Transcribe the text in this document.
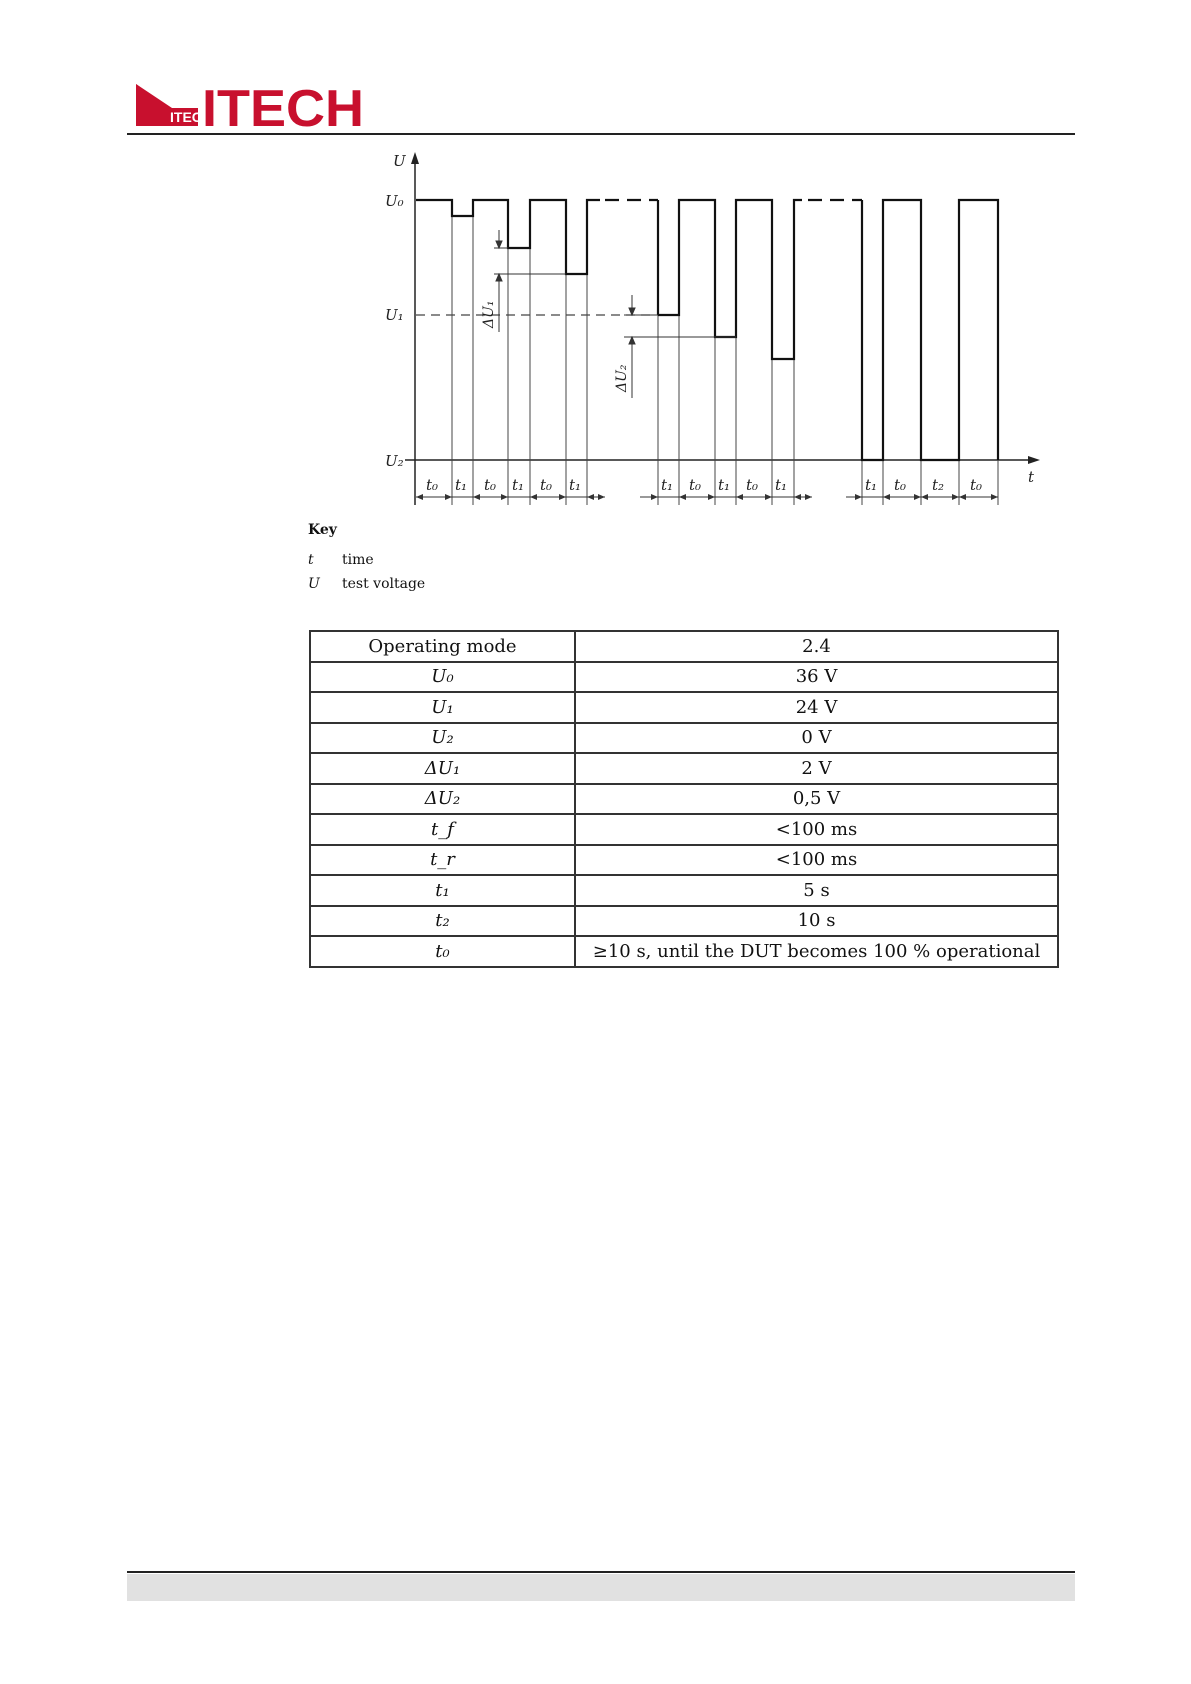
ITECH
ITECH
U
t
U₀
U₁
U₂
ΔU₁
ΔU₂
t₀ t₁ t₀ t₁ t₀ t₁	t₁ t₀ t₁ t₀ t₁	t₁ t₀ t₂ t₀
Key
t time
U test voltage
Operating mode	2.4
U₀	36 V
U₁	24 V
U₂	0 V
ΔU₁	2 V
ΔU₂	0,5 V
t_f	<100 ms
t_r	<100 ms
t₁	5 s
t₂	10 s
t₀	≥10 s, until the DUT becomes 100 % operational
